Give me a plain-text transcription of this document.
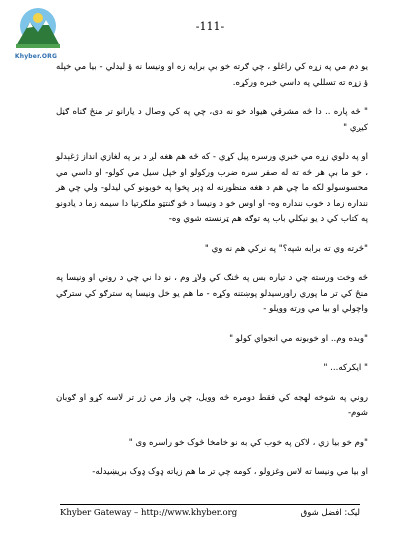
Khyber.ORG
-111-

یو دم مي په زړه کي راغلو ، چي ګرته خو بې برایه زه او ونیسا نه ؤ لیدلي - بیا مي خپله ؤ زړه ته تسللي په داسي خبره ورکړه.

" څه پاره .. دا څه مشرقي هیواد خو نه دی، چي په کي وصال د یارانو تر منځ ګناه ګڼل کیږي "

او په دلوي زړه مي خبري ورسره پیل کړي - که څه هم هغه لږ د بر په لغازي انداز ژغېدلو ، خو ما بې هر څه ته له صفر سره ضرب ورکولو او خپل سیل مي کولو- او داسي مي محسوسولو لکه ما چي هم د هغه منظورنه له ډېر پخوا په خوبونو کي لیدلو- ولي چي هر ننداره زما د خوب ننداره وه- او اوس خو د ونیسا د څو ګنتټو ملګرتیا دا سیمه زما د یادونو په کتاب کي د یو نیکلي باب په توګه هم ټرنسته شوي وه-

"څرته وي ته برابه شپه؟" په نرکي هم نه وي "

څه وخت ورسته چي د تیاره بس په څنګ کي ولاړ وم ، نو دا ني چي د روني او ونیسا په منځ کي تر ما پوري راورسیدلو پوښتنه وکړه - ما هم یو خل ونیسا په سترګو کي سترګي واچولي او بیا مي ورته وویلو -

"وبده وم.. او خوبونه مي انجواي کولو "

" ایکرکه... "

روني په شوخه لهجه کي فقط دومره څه وویل، چي واز مي ژر تر لاسه کړو او ګوبان شوم-

"وم خو بیا زي ، لاکن په خوب کي به نو خامخا څوک خو راسره وی "

او بیا مي ونیسا ته لاس وغزولو ، کومه چي تر ما هم زیاته ډوک ډوک بریښیدله-

Khyber Gateway – http://www.khyber.org	لیک: افضل شوق
